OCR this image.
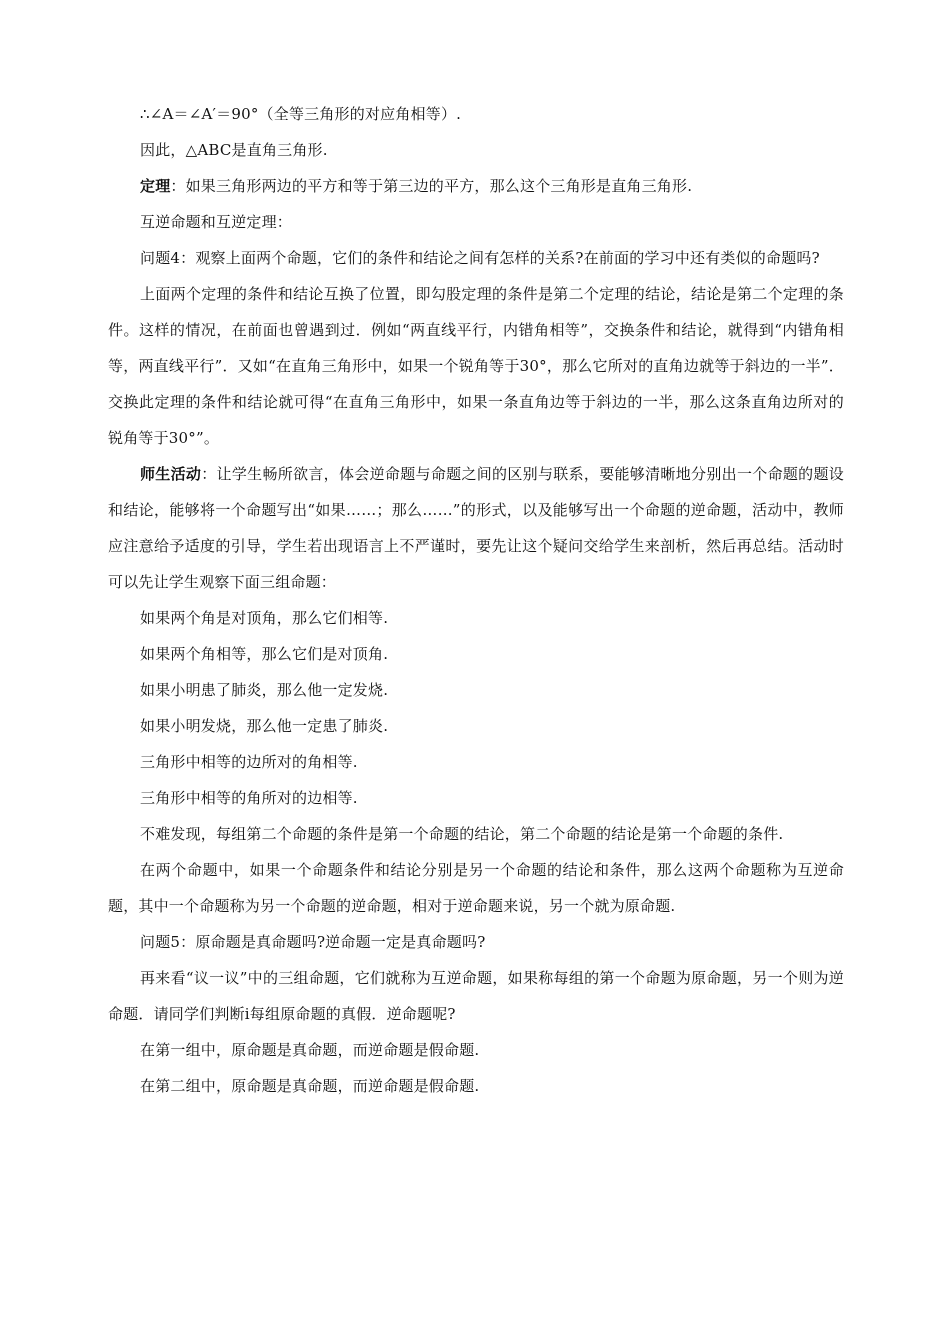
∴∠A＝∠A′＝90°（全等三角形的对应角相等）.

因此，△ABC是直角三角形.

定理：如果三角形两边的平方和等于第三边的平方，那么这个三角形是直角三角形.

互逆命题和互逆定理：

问题4：观察上面两个命题，它们的条件和结论之间有怎样的关系?在前面的学习中还有类似的命题吗?

上面两个定理的条件和结论互换了位置，即勾股定理的条件是第二个定理的结论，结论是第二个定理的条件。这样的情况，在前面也曾遇到过．例如“两直线平行，内错角相等”，交换条件和结论，就得到“内错角相等，两直线平行”．又如“在直角三角形中，如果一个锐角等于30°，那么它所对的直角边就等于斜边的一半”．交换此定理的条件和结论就可得“在直角三角形中，如果一条直角边等于斜边的一半，那么这条直角边所对的锐角等于30°”。

师生活动：让学生畅所欲言，体会逆命题与命题之间的区别与联系，要能够清晰地分别出一个命题的题设和结论，能够将一个命题写出“如果……；那么……”的形式，以及能够写出一个命题的逆命题，活动中，教师应注意给予适度的引导，学生若出现语言上不严谨时，要先让这个疑问交给学生来剖析，然后再总结。活动时可以先让学生观察下面三组命题：

如果两个角是对顶角，那么它们相等.

如果两个角相等，那么它们是对顶角.

如果小明患了肺炎，那么他一定发烧.

如果小明发烧，那么他一定患了肺炎.

三角形中相等的边所对的角相等.

三角形中相等的角所对的边相等.

不难发现，每组第二个命题的条件是第一个命题的结论，第二个命题的结论是第一个命题的条件.

在两个命题中，如果一个命题条件和结论分别是另一个命题的结论和条件，那么这两个命题称为互逆命题，其中一个命题称为另一个命题的逆命题，相对于逆命题来说，另一个就为原命题.

问题5：原命题是真命题吗?逆命题一定是真命题吗?

再来看“议一议”中的三组命题，它们就称为互逆命题，如果称每组的第一个命题为原命题，另一个则为逆命题．请同学们判断ⅰ每组原命题的真假．逆命题呢?

在第一组中，原命题是真命题，而逆命题是假命题.

在第二组中，原命题是真命题，而逆命题是假命题.
